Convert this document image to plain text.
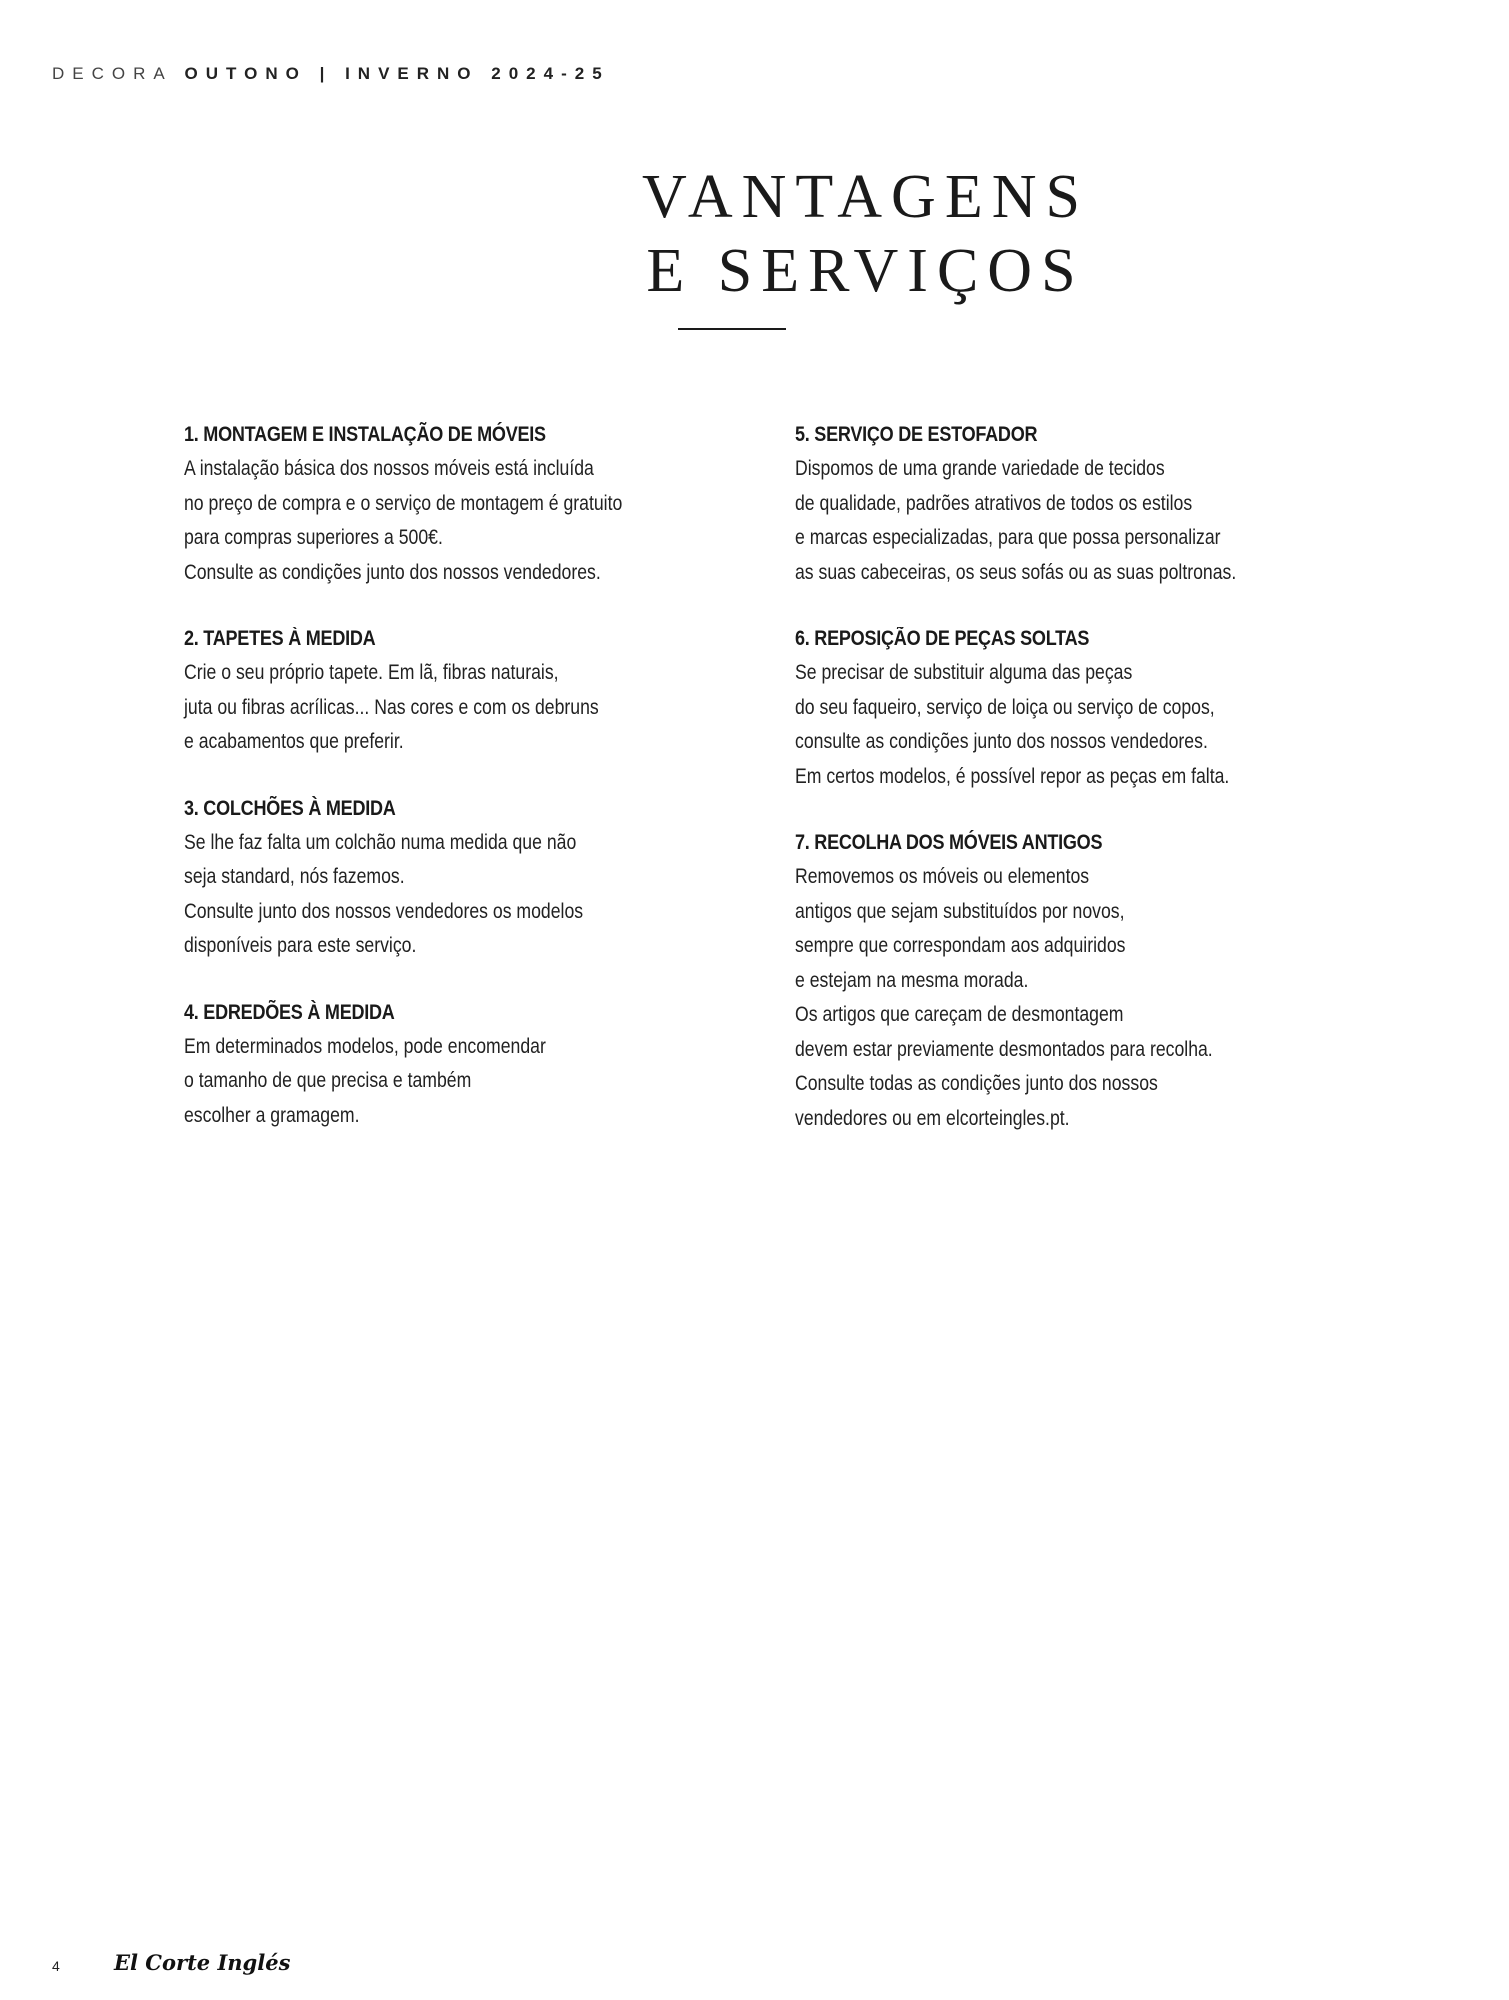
DECORA OUTONO | INVERNO 2024-25
VANTAGENS
E SERVIÇOS
1. MONTAGEM E INSTALAÇÃO DE MÓVEIS
A instalação básica dos nossos móveis está incluída
no preço de compra e o serviço de montagem é gratuito
para compras superiores a 500€.
Consulte as condições junto dos nossos vendedores.
2. TAPETES À MEDIDA
Crie o seu próprio tapete. Em lã, fibras naturais,
juta ou fibras acrílicas... Nas cores e com os debruns
e acabamentos que preferir.
3. COLCHÕES À MEDIDA
Se lhe faz falta um colchão numa medida que não
seja standard, nós fazemos.
Consulte junto dos nossos vendedores os modelos
disponíveis para este serviço.
4. EDREDÕES À MEDIDA
Em determinados modelos, pode encomendar
o tamanho de que precisa e também
escolher a gramagem.
5. SERVIÇO DE ESTOFADOR
Dispomos de uma grande variedade de tecidos
de qualidade, padrões atrativos de todos os estilos
e marcas especializadas, para que possa personalizar
as suas cabeceiras, os seus sofás ou as suas poltronas.
6. REPOSIÇÃO DE PEÇAS SOLTAS
Se precisar de substituir alguma das peças
do seu faqueiro, serviço de loiça ou serviço de copos,
consulte as condições junto dos nossos vendedores.
Em certos modelos, é possível repor as peças em falta.
7. RECOLHA DOS MÓVEIS ANTIGOS
Removemos os móveis ou elementos
antigos que sejam substituídos por novos,
sempre que correspondam aos adquiridos
e estejam na mesma morada.
Os artigos que careçam de desmontagem
devem estar previamente desmontados para recolha.
Consulte todas as condições junto dos nossos
vendedores ou em elcorteingles.pt.
4	El Corte Inglés
